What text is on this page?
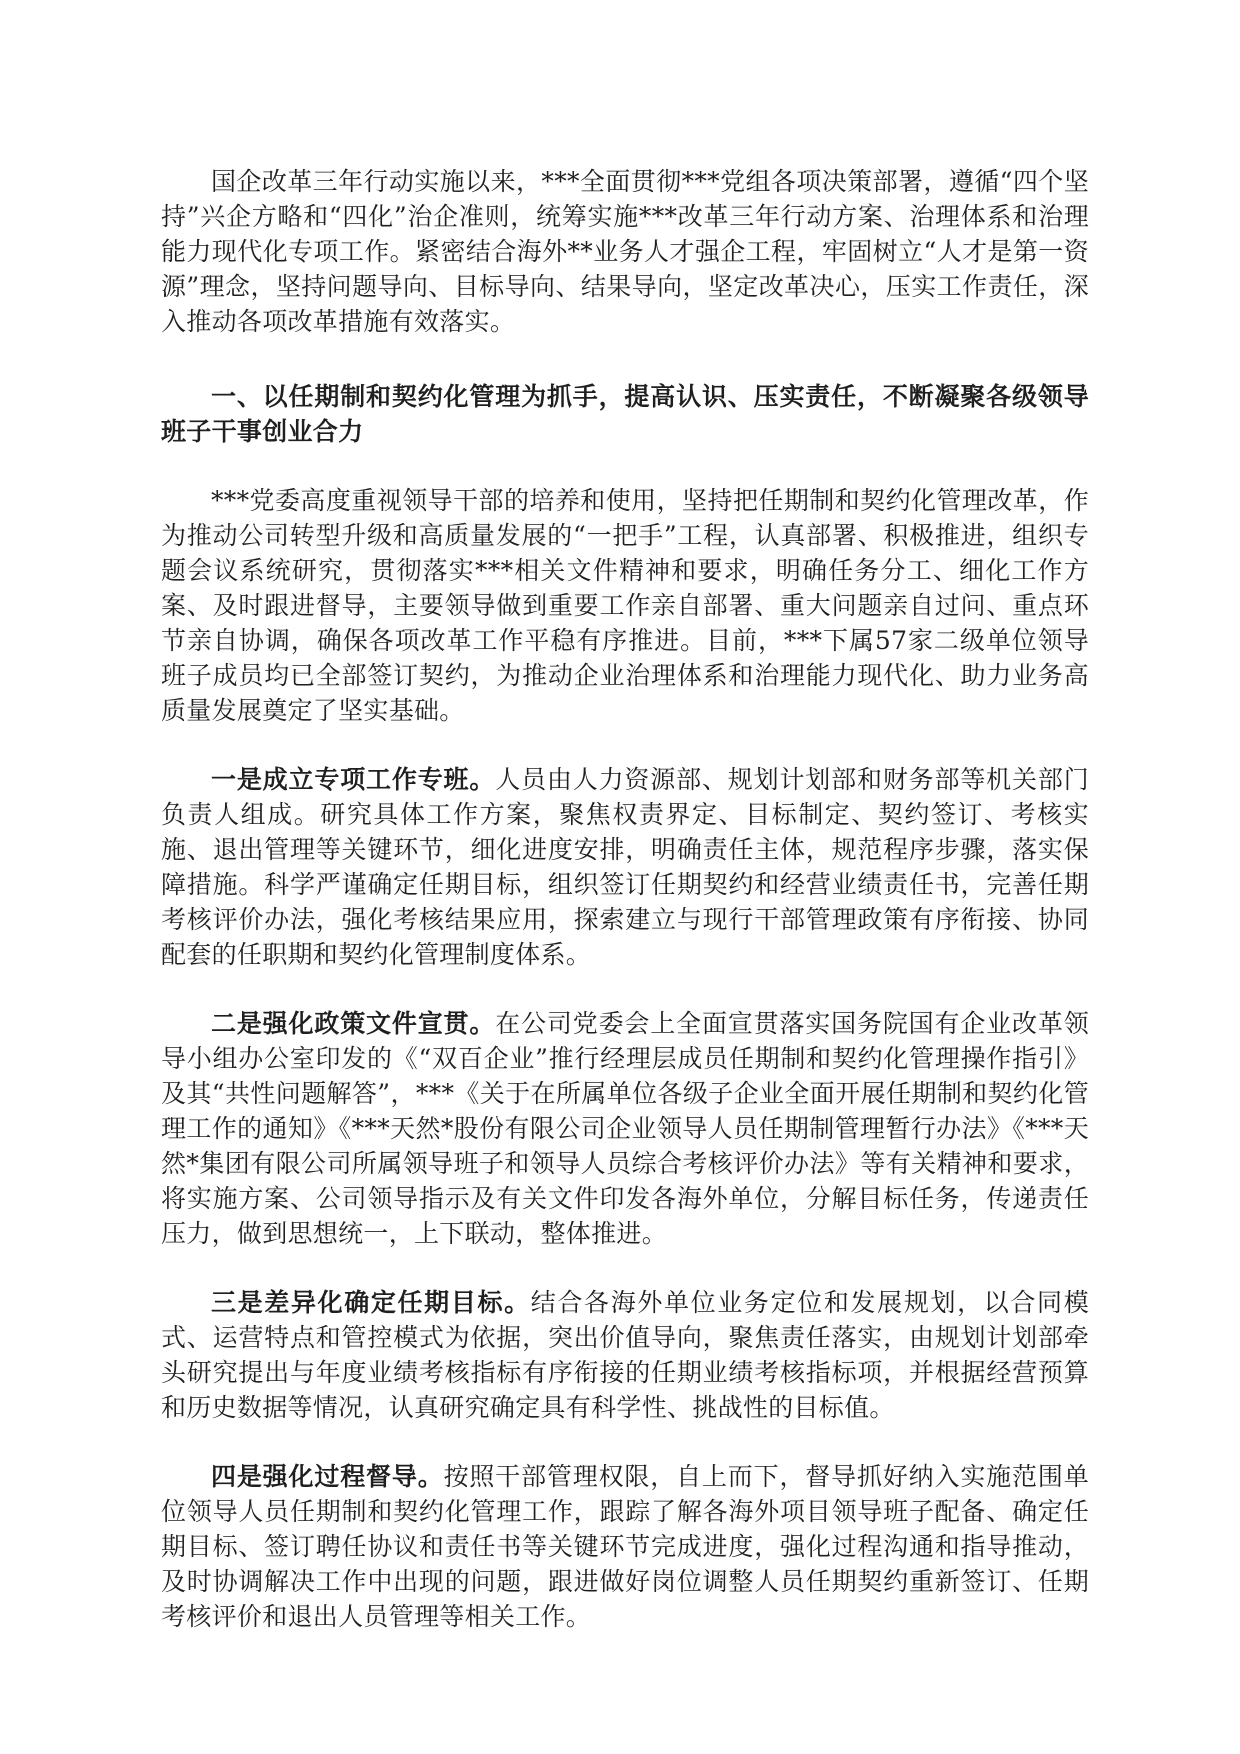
国企改革三年行动实施以来，***全面贯彻***党组各项决策部署，遵循“四个坚持”兴企方略和“四化”治企准则，统筹实施***改革三年行动方案、治理体系和治理能力现代化专项工作。紧密结合海外**业务人才强企工程，牢固树立“人才是第一资源”理念，坚持问题导向、目标导向、结果导向，坚定改革决心，压实工作责任，深入推动各项改革措施有效落实。

一、以任期制和契约化管理为抓手，提高认识、压实责任，不断凝聚各级领导班子干事创业合力

***党委高度重视领导干部的培养和使用，坚持把任期制和契约化管理改革，作为推动公司转型升级和高质量发展的“一把手”工程，认真部署、积极推进，组织专题会议系统研究，贯彻落实***相关文件精神和要求，明确任务分工、细化工作方案、及时跟进督导，主要领导做到重要工作亲自部署、重大问题亲自过问、重点环节亲自协调，确保各项改革工作平稳有序推进。目前，***下属57家二级单位领导班子成员均已全部签订契约，为推动企业治理体系和治理能力现代化、助力业务高质量发展奠定了坚实基础。

一是成立专项工作专班。人员由人力资源部、规划计划部和财务部等机关部门负责人组成。研究具体工作方案，聚焦权责界定、目标制定、契约签订、考核实施、退出管理等关键环节，细化进度安排，明确责任主体，规范程序步骤，落实保障措施。科学严谨确定任期目标，组织签订任期契约和经营业绩责任书，完善任期考核评价办法，强化考核结果应用，探索建立与现行干部管理政策有序衔接、协同配套的任职期和契约化管理制度体系。

二是强化政策文件宣贯。在公司党委会上全面宣贯落实国务院国有企业改革领导小组办公室印发的《“双百企业”推行经理层成员任期制和契约化管理操作指引》及其“共性问题解答”，***《关于在所属单位各级子企业全面开展任期制和契约化管理工作的通知》《***天然*股份有限公司企业领导人员任期制管理暂行办法》《***天然*集团有限公司所属领导班子和领导人员综合考核评价办法》等有关精神和要求，将实施方案、公司领导指示及有关文件印发各海外单位，分解目标任务，传递责任压力，做到思想统一，上下联动，整体推进。

三是差异化确定任期目标。结合各海外单位业务定位和发展规划，以合同模式、运营特点和管控模式为依据，突出价值导向，聚焦责任落实，由规划计划部牵头研究提出与年度业绩考核指标有序衔接的任期业绩考核指标项，并根据经营预算和历史数据等情况，认真研究确定具有科学性、挑战性的目标值。

四是强化过程督导。按照干部管理权限，自上而下，督导抓好纳入实施范围单位领导人员任期制和契约化管理工作，跟踪了解各海外项目领导班子配备、确定任期目标、签订聘任协议和责任书等关键环节完成进度，强化过程沟通和指导推动，及时协调解决工作中出现的问题，跟进做好岗位调整人员任期契约重新签订、任期考核评价和退出人员管理等相关工作。
